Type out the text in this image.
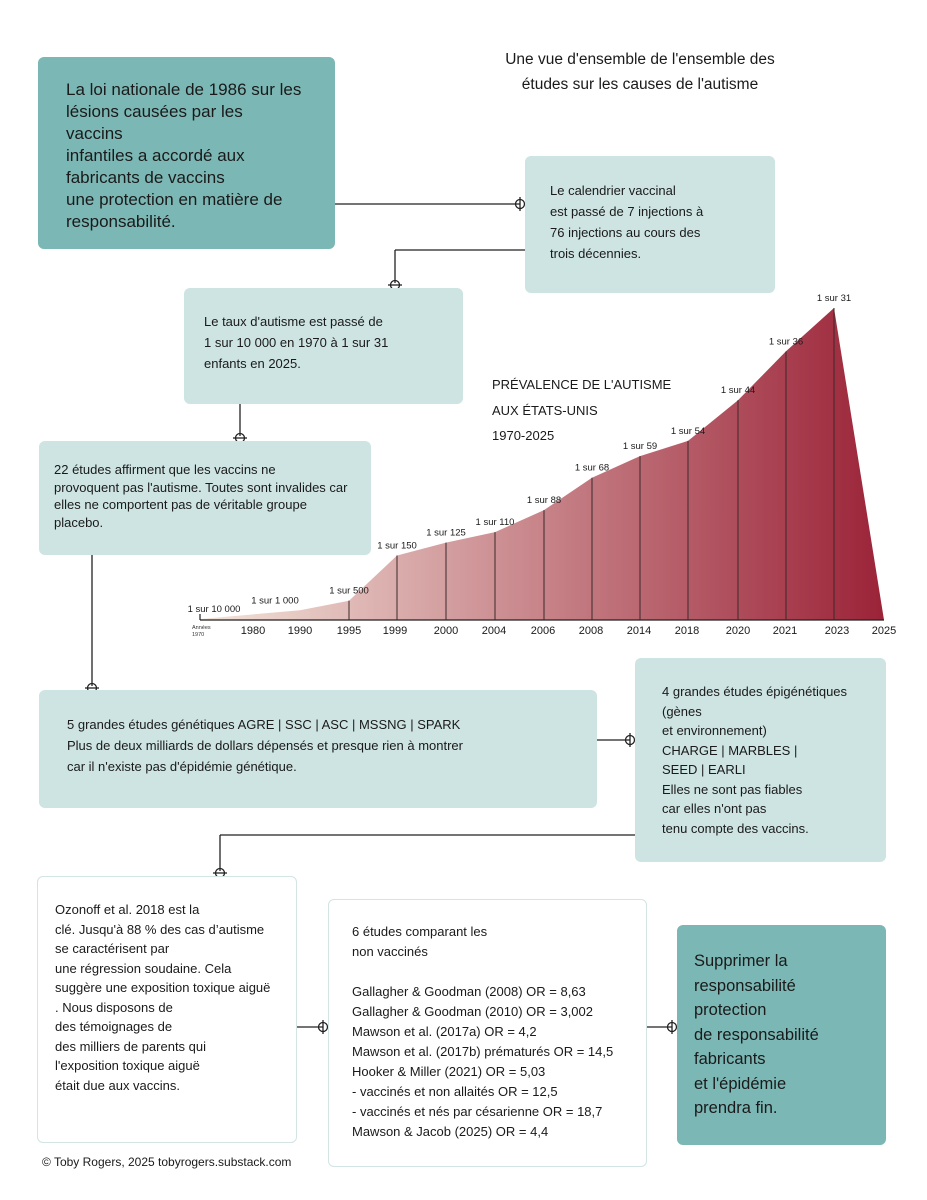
1 sur 10 000
1 sur 1 000
1 sur 500
1 sur 150
1 sur 125
1 sur 110
1 sur 88
1 sur 68
1 sur 59
1 sur 54
1 sur 44
1 sur 36
1 sur 31
1980 1990 1995 1999 2000 2004 2006 2008 2014 2018 2020 2021	2023 2025
Années
1970
Une vue d'ensemble de l'ensemble des
études sur les causes de l'autisme
PRÉVALENCE DE L'AUTISME
AUX ÉTATS-UNIS
1970-2025
La loi nationale de 1986 sur les
lésions causées par les
vaccins
infantiles a accordé aux
fabricants de vaccins
une protection en matière de
responsabilité.
Le calendrier vaccinal
est passé de 7 injections à
76 injections au cours des
trois décennies.
Le taux d'autisme est passé de
1 sur 10 000 en 1970 à 1 sur 31
enfants en 2025.
22 études affirment que les vaccins ne
provoquent pas l'autisme. Toutes sont invalides car
elles ne comportent pas de véritable groupe
placebo.
5 grandes études génétiques AGRE | SSC | ASC | MSSNG | SPARK
Plus de deux milliards de dollars dépensés et presque rien à montrer
car il n'existe pas d'épidémie génétique.
4 grandes études épigénétiques
(gènes
et environnement)
CHARGE | MARBLES |
SEED | EARLI
Elles ne sont pas fiables
car elles n'ont pas
tenu compte des vaccins.
Ozonoff et al. 2018 est la
clé. Jusqu'à 88 % des cas d’autisme
se caractérisent par
une régression soudaine. Cela
suggère une exposition toxique aiguë
. Nous disposons de
des témoignages de
des milliers de parents qui
l'exposition toxique aiguë
était due aux vaccins.
6 études comparant les
non vaccinés
Gallagher & Goodman (2008) OR = 8,63
Gallagher & Goodman (2010) OR = 3,002
Mawson et al. (2017a) OR = 4,2
Mawson et al. (2017b) prématurés OR = 14,5
Hooker & Miller (2021) OR = 5,03
- vaccinés et non allaités OR = 12,5
- vaccinés et nés par césarienne OR = 18,7
Mawson & Jacob (2025) OR = 4,4
Supprimer la
responsabilité
protection
de responsabilité
fabricants
et l'épidémie
prendra fin.
© Toby Rogers, 2025 tobyrogers.substack.com
